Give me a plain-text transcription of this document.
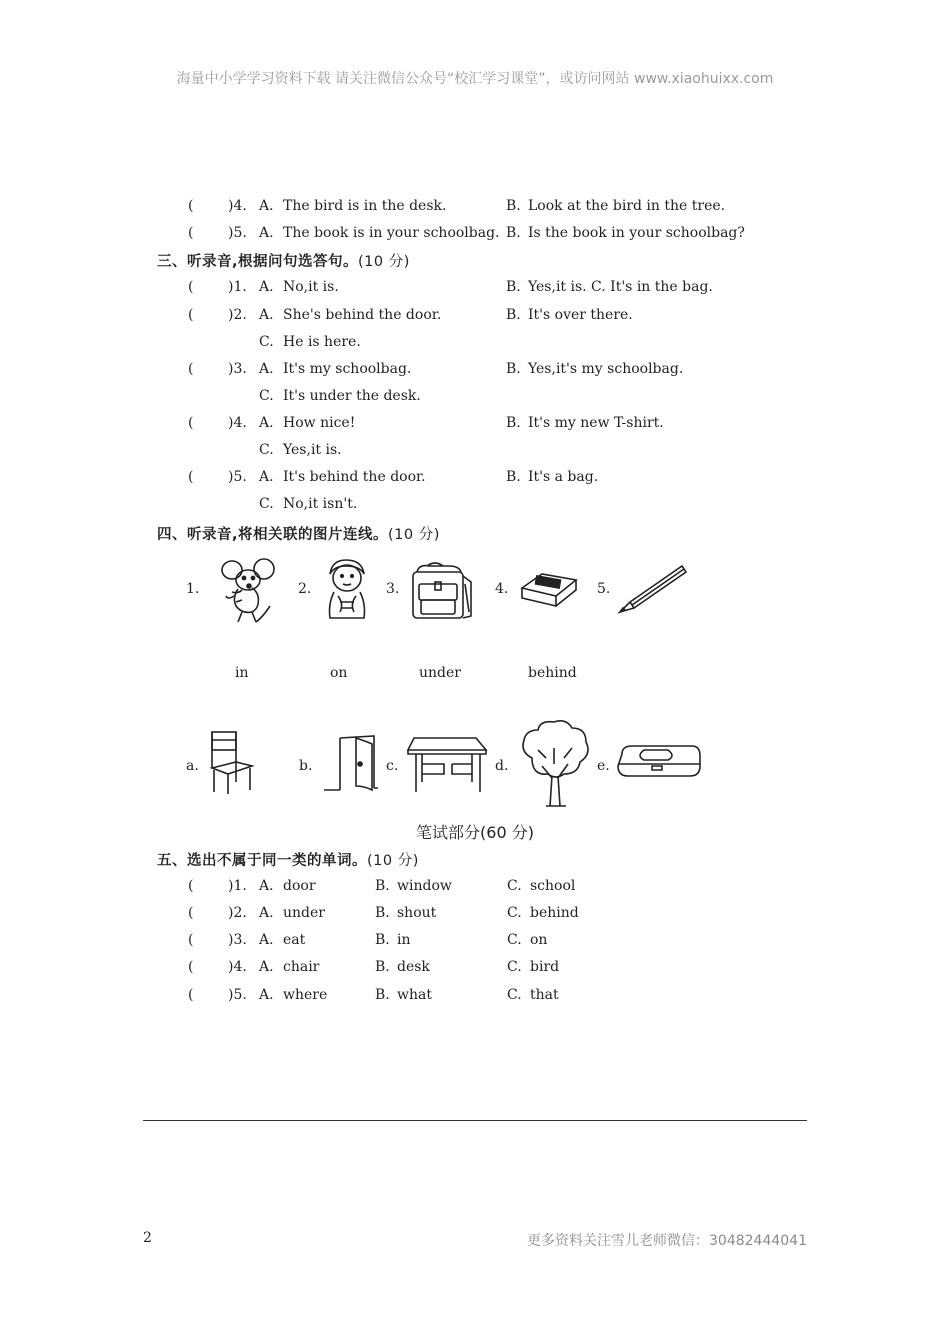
海量中小学学习资料下载 请关注微信公众号“校汇学习课堂”，或访问网站 www.xiaohuixx.com
( )4. A. The bird is in the desk.	B. Look at the bird in the tree.
( )5. A. The book is in your schoolbag. B. Is the book in your schoolbag?
三、听录音,根据问句选答句。(10 分)
( )1. A. No,it is.	B. Yes,it is. C. It's in the bag.
( )2. A. She's behind the door.	B. It's over there.
C. He is here.
( )3. A. It's my schoolbag.	B. Yes,it's my schoolbag.
C. It's under the desk.
( )4. A. How nice!	B. It's my new T-shirt.
C. Yes,it is.
( )5. A. It's behind the door.	B. It's a bag.
C. No,it isn't.
四、听录音,将相关联的图片连线。(10 分)
1.	2.	3.	4.	5.
in	on	under	behind
a.	b.	c.	d.	e.
笔试部分(60 分)
五、选出不属于同一类的单词。(10 分)
( )1. A. door	B. window	C. school
( )2. A. under	B. shout	C. behind
( )3. A. eat	B. in	C. on
( )4. A. chair	B. desk	C. bird
( )5. A. where	B. what	C. that
2	更多资料关注雪儿老师微信：30482444041
